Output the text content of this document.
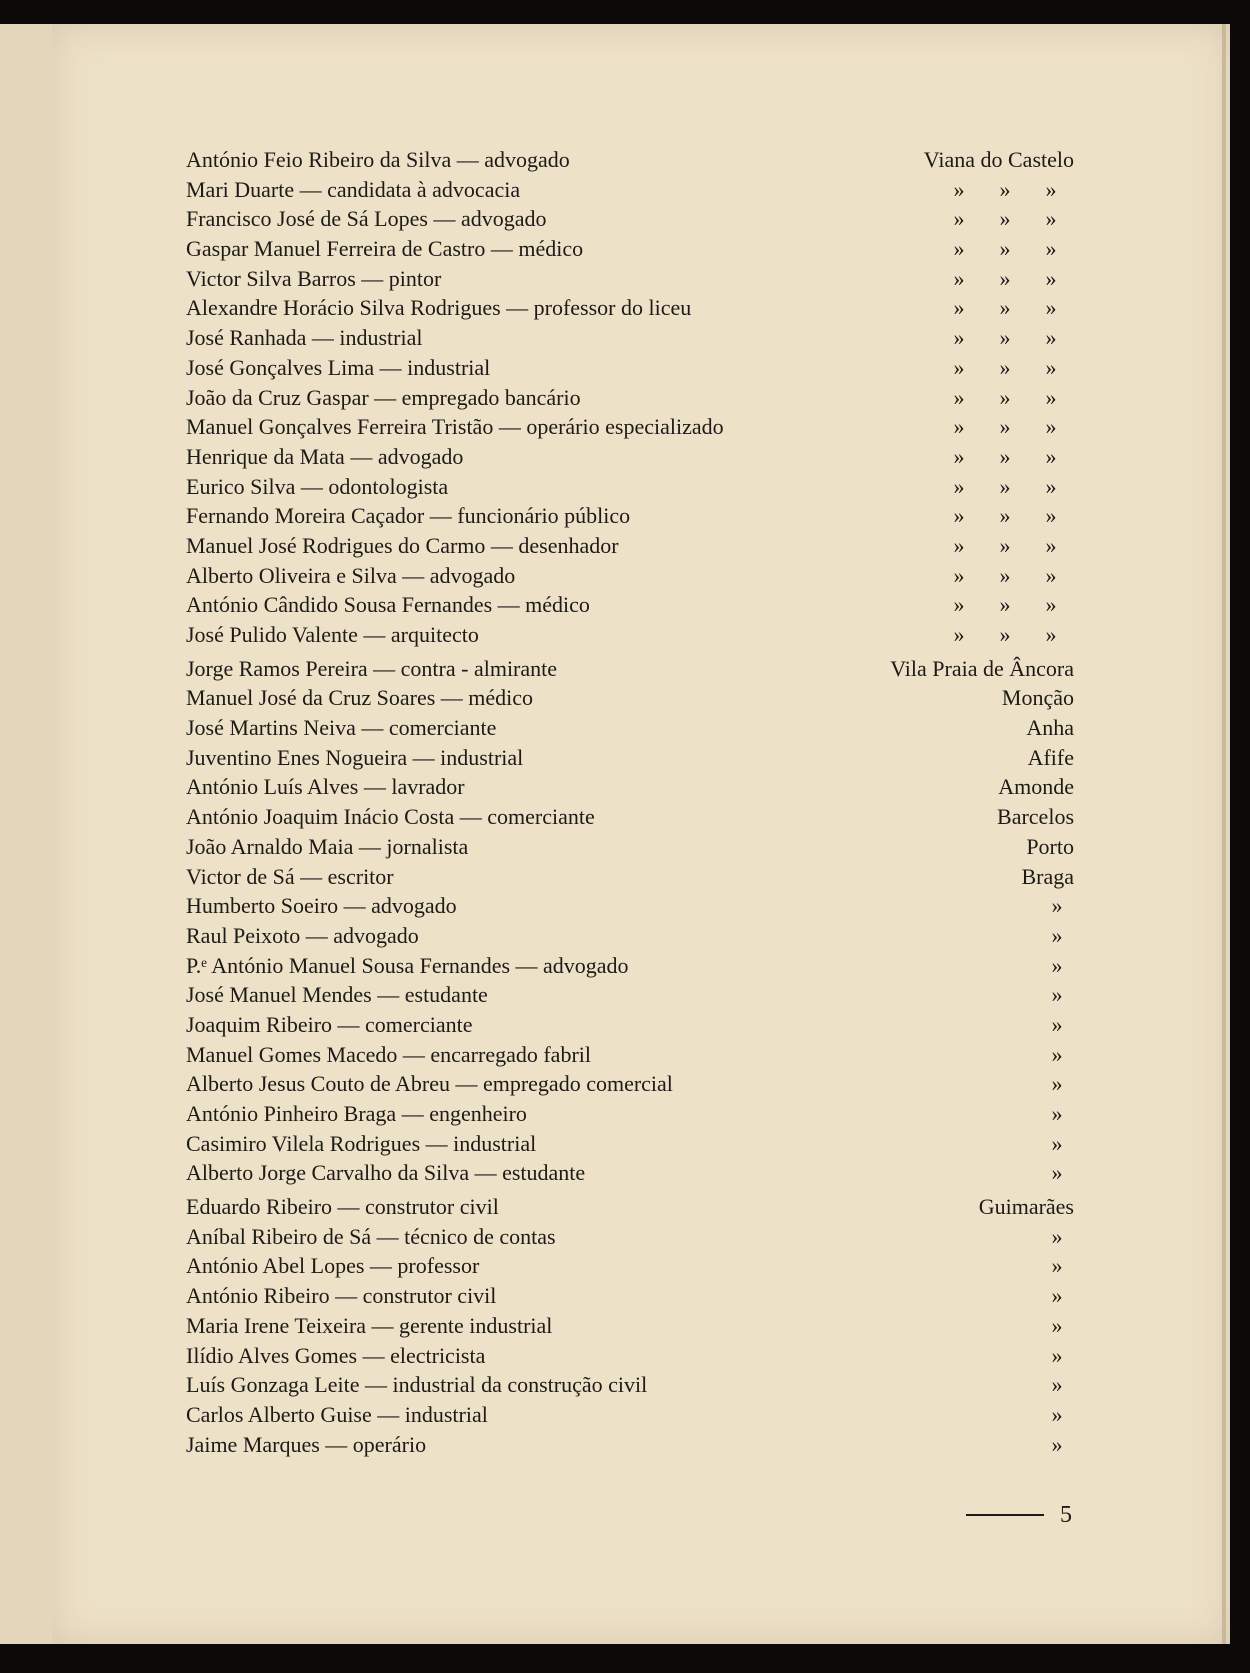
António Feio Ribeiro da Silva — advogado	Viana do Castelo
Mari Duarte — candidata à advocacia	» » »
Francisco José de Sá Lopes — advogado	» » »
Gaspar Manuel Ferreira de Castro — médico	» » »
Victor Silva Barros — pintor	» » »
Alexandre Horácio Silva Rodrigues — professor do liceu	» » »
José Ranhada — industrial	» » »
José Gonçalves Lima — industrial	» » »
João da Cruz Gaspar — empregado bancário	» » »
Manuel Gonçalves Ferreira Tristão — operário especializado	» » »
Henrique da Mata — advogado	» » »
Eurico Silva — odontologista	» » »
Fernando Moreira Caçador — funcionário público	» » »
Manuel José Rodrigues do Carmo — desenhador	» » »
Alberto Oliveira e Silva — advogado	» » »
António Cândido Sousa Fernandes — médico	» » »
José Pulido Valente — arquitecto	» » »
Jorge Ramos Pereira — contra - almirante	Vila Praia de Âncora
Manuel José da Cruz Soares — médico	Monção
José Martins Neiva — comerciante	Anha
Juventino Enes Nogueira — industrial	Afife
António Luís Alves — lavrador	Amonde
António Joaquim Inácio Costa — comerciante	Barcelos
João Arnaldo Maia — jornalista	Porto
Victor de Sá — escritor	Braga
Humberto Soeiro — advogado	»
Raul Peixoto — advogado	»
P.ᵉ António Manuel Sousa Fernandes — advogado	»
José Manuel Mendes — estudante	»
Joaquim Ribeiro — comerciante	»
Manuel Gomes Macedo — encarregado fabril	»
Alberto Jesus Couto de Abreu — empregado comercial	»
António Pinheiro Braga — engenheiro	»
Casimiro Vilela Rodrigues — industrial	»
Alberto Jorge Carvalho da Silva — estudante	»
Eduardo Ribeiro — construtor civil	Guimarães
Aníbal Ribeiro de Sá — técnico de contas	»
António Abel Lopes — professor	»
António Ribeiro — construtor civil	»
Maria Irene Teixeira — gerente industrial	»
Ilídio Alves Gomes — electricista	»
Luís Gonzaga Leite — industrial da construção civil	»
Carlos Alberto Guise — industrial	»
Jaime Marques — operário	»
5
